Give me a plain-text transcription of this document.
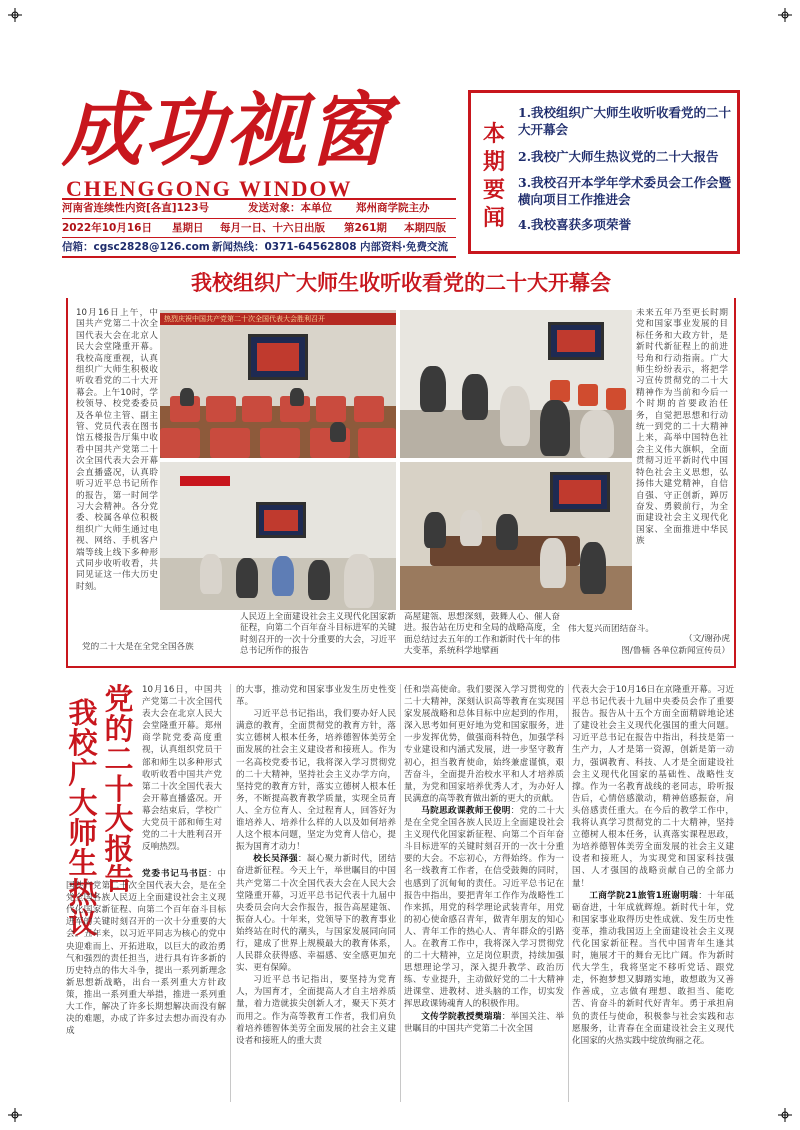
成功视窗
CHENGGONG WINDOW
河南省连续性内资[各直]123号	发送对象：本单位 郑州商学院主办
2022年10月16日 星期日 每月一日、十六日出版 第261期 本期四版
信箱：cgsc2828@126.com 新闻热线：0371-64562808 内部资料·免费交流
本期要闻
1.我校组织广大师生收听收看党的二十大开幕会
2.我校广大师生热议党的二十大报告
3.我校召开本学年学术委员会工作会暨横向项目工作推进会
4.我校喜获多项荣誉
我校组织广大师生收听收看党的二十大开幕会
10月16日上午，中国共产党第二十次全国代表大会在北京人民大会堂隆重开幕。我校高度重视，认真组织广大师生积极收听收看党的二十大开幕会。上午10时，学校领导、校党委委员及各单位主管、副主管、党员代表在图书馆五楼报告厅集中收看中国共产党第二十次全国代表大会开幕会直播盛况，认真聆听习近平总书记所作的报告，第一时间学习大会精神。各分党委、校属各单位积极组织广大师生通过电视、网络、手机客户端等线上线下多种形式同步收听收看，共同见证这一伟大历史时刻。
党的二十大是在全党全国各族
热烈庆祝中国共产党第二十次全国代表大会胜利召开
人民迈上全面建设社会主义现代化国家新征程，向第二个百年奋斗目标进军的关键时刻召开的一次十分重要的大会，习近平总书记所作的报告
高屋建瓴、思想深刻，鼓舞人心、催人奋进。报告站在历史和全局的战略高度，全面总结过去五年的工作和新时代十年的伟大变革，系统科学地擘画
未来五年乃至更长时期党和国家事业发展的目标任务和大政方针，是新时代新征程上的前进号角和行动指南。广大师生纷纷表示，将把学习宣传贯彻党的二十大精神作为当前和今后一个时期的首要政治任务，自觉把思想和行动统一到党的二十大精神上来，高举中国特色社会主义伟大旗帜，全面贯彻习近平新时代中国特色社会主义思想，弘扬伟大建党精神，自信自强、守正创新，踔厉奋发、勇毅前行，为全面建设社会主义现代化国家、全面推进中华民族
伟大复兴而团结奋斗。
（文/谢孙虎
图/鲁楠 各单位新闻宣传员）
党的二十大报告
我校广大师生热议
10月16日，中国共产党第二十次全国代表大会在北京人民大会堂隆重开幕。郑州商学院党委高度重视，认真组织党员干部和师生以多种形式收听收看中国共产党第二十次全国代表大会开幕直播盛况。开幕会结束后，学校广大党员干部和师生对党的二十大胜利召开反响热烈。
党委书记马书臣：中国共产党第二十次全国代表大会，是在全党全国各族人民迈上全面建设社会主义现代化国家新征程、向第二个百年奋斗目标进军的关键时刻召开的一次十分重要的大会。五年来，以习近平同志为核心的党中央迎难而上、开拓进取，以巨大的政治勇气和强烈的责任担当，进行具有许多新的历史特点的伟大斗争，提出一系列新理念新思想新战略，出台一系列重大方针政策，推出一系列重大举措，推进一系列重大工作，解决了许多长期想解决而没有解决的难题，办成了许多过去想办而没有办成

的大事，推动党和国家事业发生历史性变革。

习近平总书记指出，我们要办好人民满意的教育，全面贯彻党的教育方针，落实立德树人根本任务，培养德智体美劳全面发展的社会主义建设者和接班人。作为一名高校党委书记，我将深入学习贯彻党的二十大精神，坚持社会主义办学方向，坚持党的教育方针，落实立德树人根本任务，不断提高教育教学质量，实现全员育人、全方位育人、全过程育人，回答好为谁培养人、培养什么样的人以及如何培养人这个根本问题，坚定为党育人信心，提振为国育才动力！

校长吴泽强：凝心聚力新时代，团结奋进新征程。今天上午，举世瞩目的中国共产党第二十次全国代表大会在人民大会堂隆重开幕，习近平总书记代表十九届中央委员会向大会作报告，报告高屋建瓴、振奋人心。十年来，党领导下的教育事业始终站在时代的潮头，与国家发展同向同行，建成了世界上规模最大的教育体系，人民群众获得感、幸福感、安全感更加充实、更有保障。

习近平总书记指出，要坚持为党育人，为国育才，全面提高人才自主培养质量，着力造就拔尖创新人才，聚天下英才而用之。作为高等教育工作者，我们肩负着培养德智体美劳全面发展的社会主义建设者和接班人的重大责

任和崇高使命。我们要深入学习贯彻党的二十大精神，深刻认识高等教育在实现国家发展战略和总体目标中应起到的作用，深入思考如何更好地为党和国家服务，进一步发挥优势，做强商科特色，加强学科专业建设和内涵式发展，进一步坚守教育初心，担当教育使命，始终兼虚谨慎，艰苦奋斗，全面提升治校水平和人才培养质量，为党和国家培养优秀人才，为办好人民满意的高等教育做出新的更大的贡献。

马院思政课教师王俊明：党的二十大是在全党全国各族人民迈上全面建设社会主义现代化国家新征程、向第二个百年奋斗目标进军的关键时刻召开的一次十分重要的大会。不忘初心，方得始终。作为一名一线教育工作者，在信受鼓舞的同时，也感到了沉甸甸的责任。习近平总书记在报告中指出，要把青年工作作为战略性工作来抓，用党的科学理论武装青年，用党的初心使命感召青年，做青年朋友的知心人、青年工作的热心人、青年群众的引路人。在教育工作中，我将深入学习贯彻党的二十大精神，立足岗位职责，持续加强思想理论学习，深入提升教学、政治历练、专业提升，主动做好党的二十大精神进课堂、进教材、进头脑的工作，切实发挥思政课铸魂育人的积极作用。

文传学院教授樊瑞瑞：举国关注、举世瞩目的中国共产党第二十次全国

代表大会于10月16日在京隆重开幕。习近平总书记代表十九届中央委员会作了重要报告。报告从十五个方面全面精辟地论述了建设社会主义现代化强国的重大问题。习近平总书记在报告中指出，科技是第一生产力，人才是第一资源，创新是第一动力，强调教育、科技、人才是全面建设社会主义现代化国家的基础性、战略性支撑。作为一名教育战线的老同志，聆听报告后，心情倍感激动，精神倍感振奋，肩头倍感责任重大。在今后的教学工作中，我将认真学习贯彻党的二十大精神，坚持立德树人根本任务，认真落实课程思政，为培养德智体美劳全面发展的社会主义建设者和接班人，为实现党和国家科技强国、人才强国的战略贡献自己的全部力量！

工商学院21旅管1班谢明瑞：十年砥砺奋进，十年成就辉煌。新时代十年，党和国家事业取得历史性成就、发生历史性变革，推动我国迈上全面建设社会主义现代化国家新征程。当代中国青年生逢其时，施展才干的舞台无比广阔。作为新时代大学生，我将坚定不移听党话、跟党走，怀抱梦想又脚踏实地，敢想敢为又善作善成，立志做有理想、敢担当、能吃苦、肯奋斗的新时代好青年。勇于承担肩负的责任与使命，积极参与社会实践和志愿服务，让青春在全面建设社会主义现代化国家的火热实践中绽放绚丽之花。
